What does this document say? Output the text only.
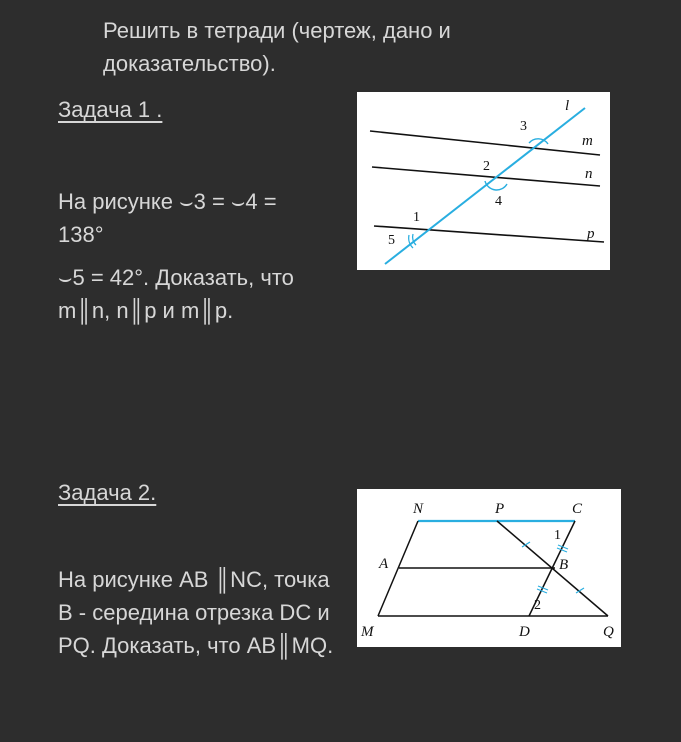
Решить в тетради (чертеж, дано и доказательство).

Задача 1 .

На рисунке ⌣3 = ⌣4 = 138°

⌣5 = 42°. Доказать, что m║n, n║p и m║p.

l
m
n
p
3
2
4
1
5

Задача 2.

На рисунке АВ ║NC, точка В - середина отрезка DC и PQ. Доказать, что АВ║MQ.

N	P	C
A	B
M	D	Q
1
2
